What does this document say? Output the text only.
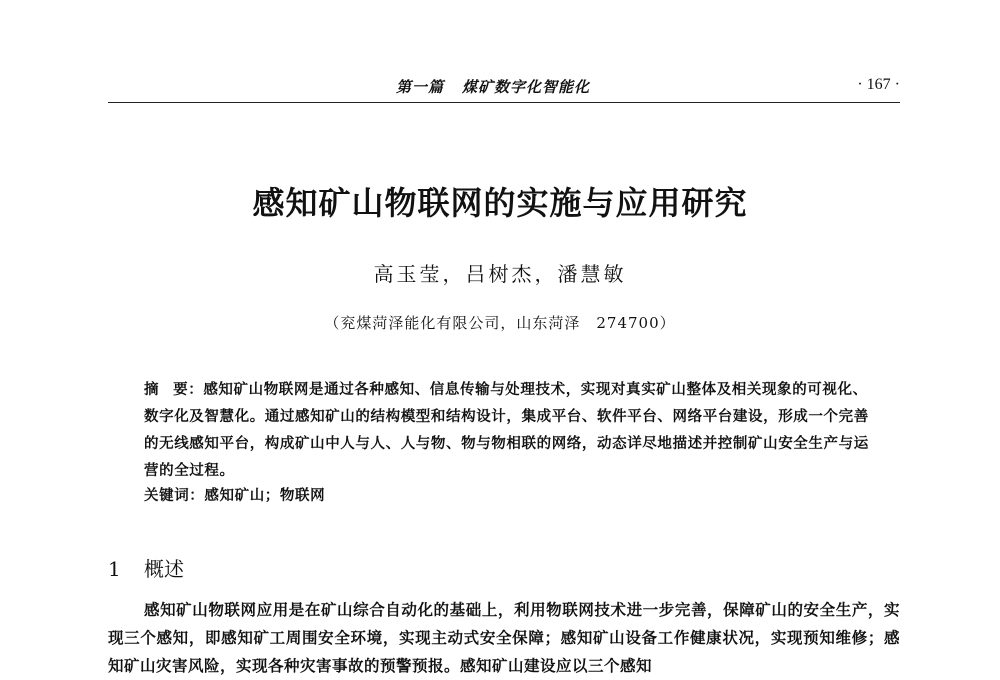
第一篇 煤矿数字化智能化	· 167 ·
感知矿山物联网的实施与应用研究
高玉莹，吕树杰，潘慧敏
（兖煤菏泽能化有限公司，山东菏泽　274700）
摘 要：感知矿山物联网是通过各种感知、信息传输与处理技术，实现对真实矿山整体及相关现象的可视化、数字化及智慧化。通过感知矿山的结构模型和结构设计，集成平台、软件平台、网络平台建设，形成一个完善的无线感知平台，构成矿山中人与人、人与物、物与物相联的网络，动态详尽地描述并控制矿山安全生产与运营的全过程。
关键词：感知矿山；物联网
1 概述
感知矿山物联网应用是在矿山综合自动化的基础上，利用物联网技术进一步完善，保障矿山的安全生产，实现三个感知，即感知矿工周围安全环境，实现主动式安全保障；感知矿山设备工作健康状况，实现预知维修；感知矿山灾害风险，实现各种灾害事故的预警预报。感知矿山建设应以三个感知
